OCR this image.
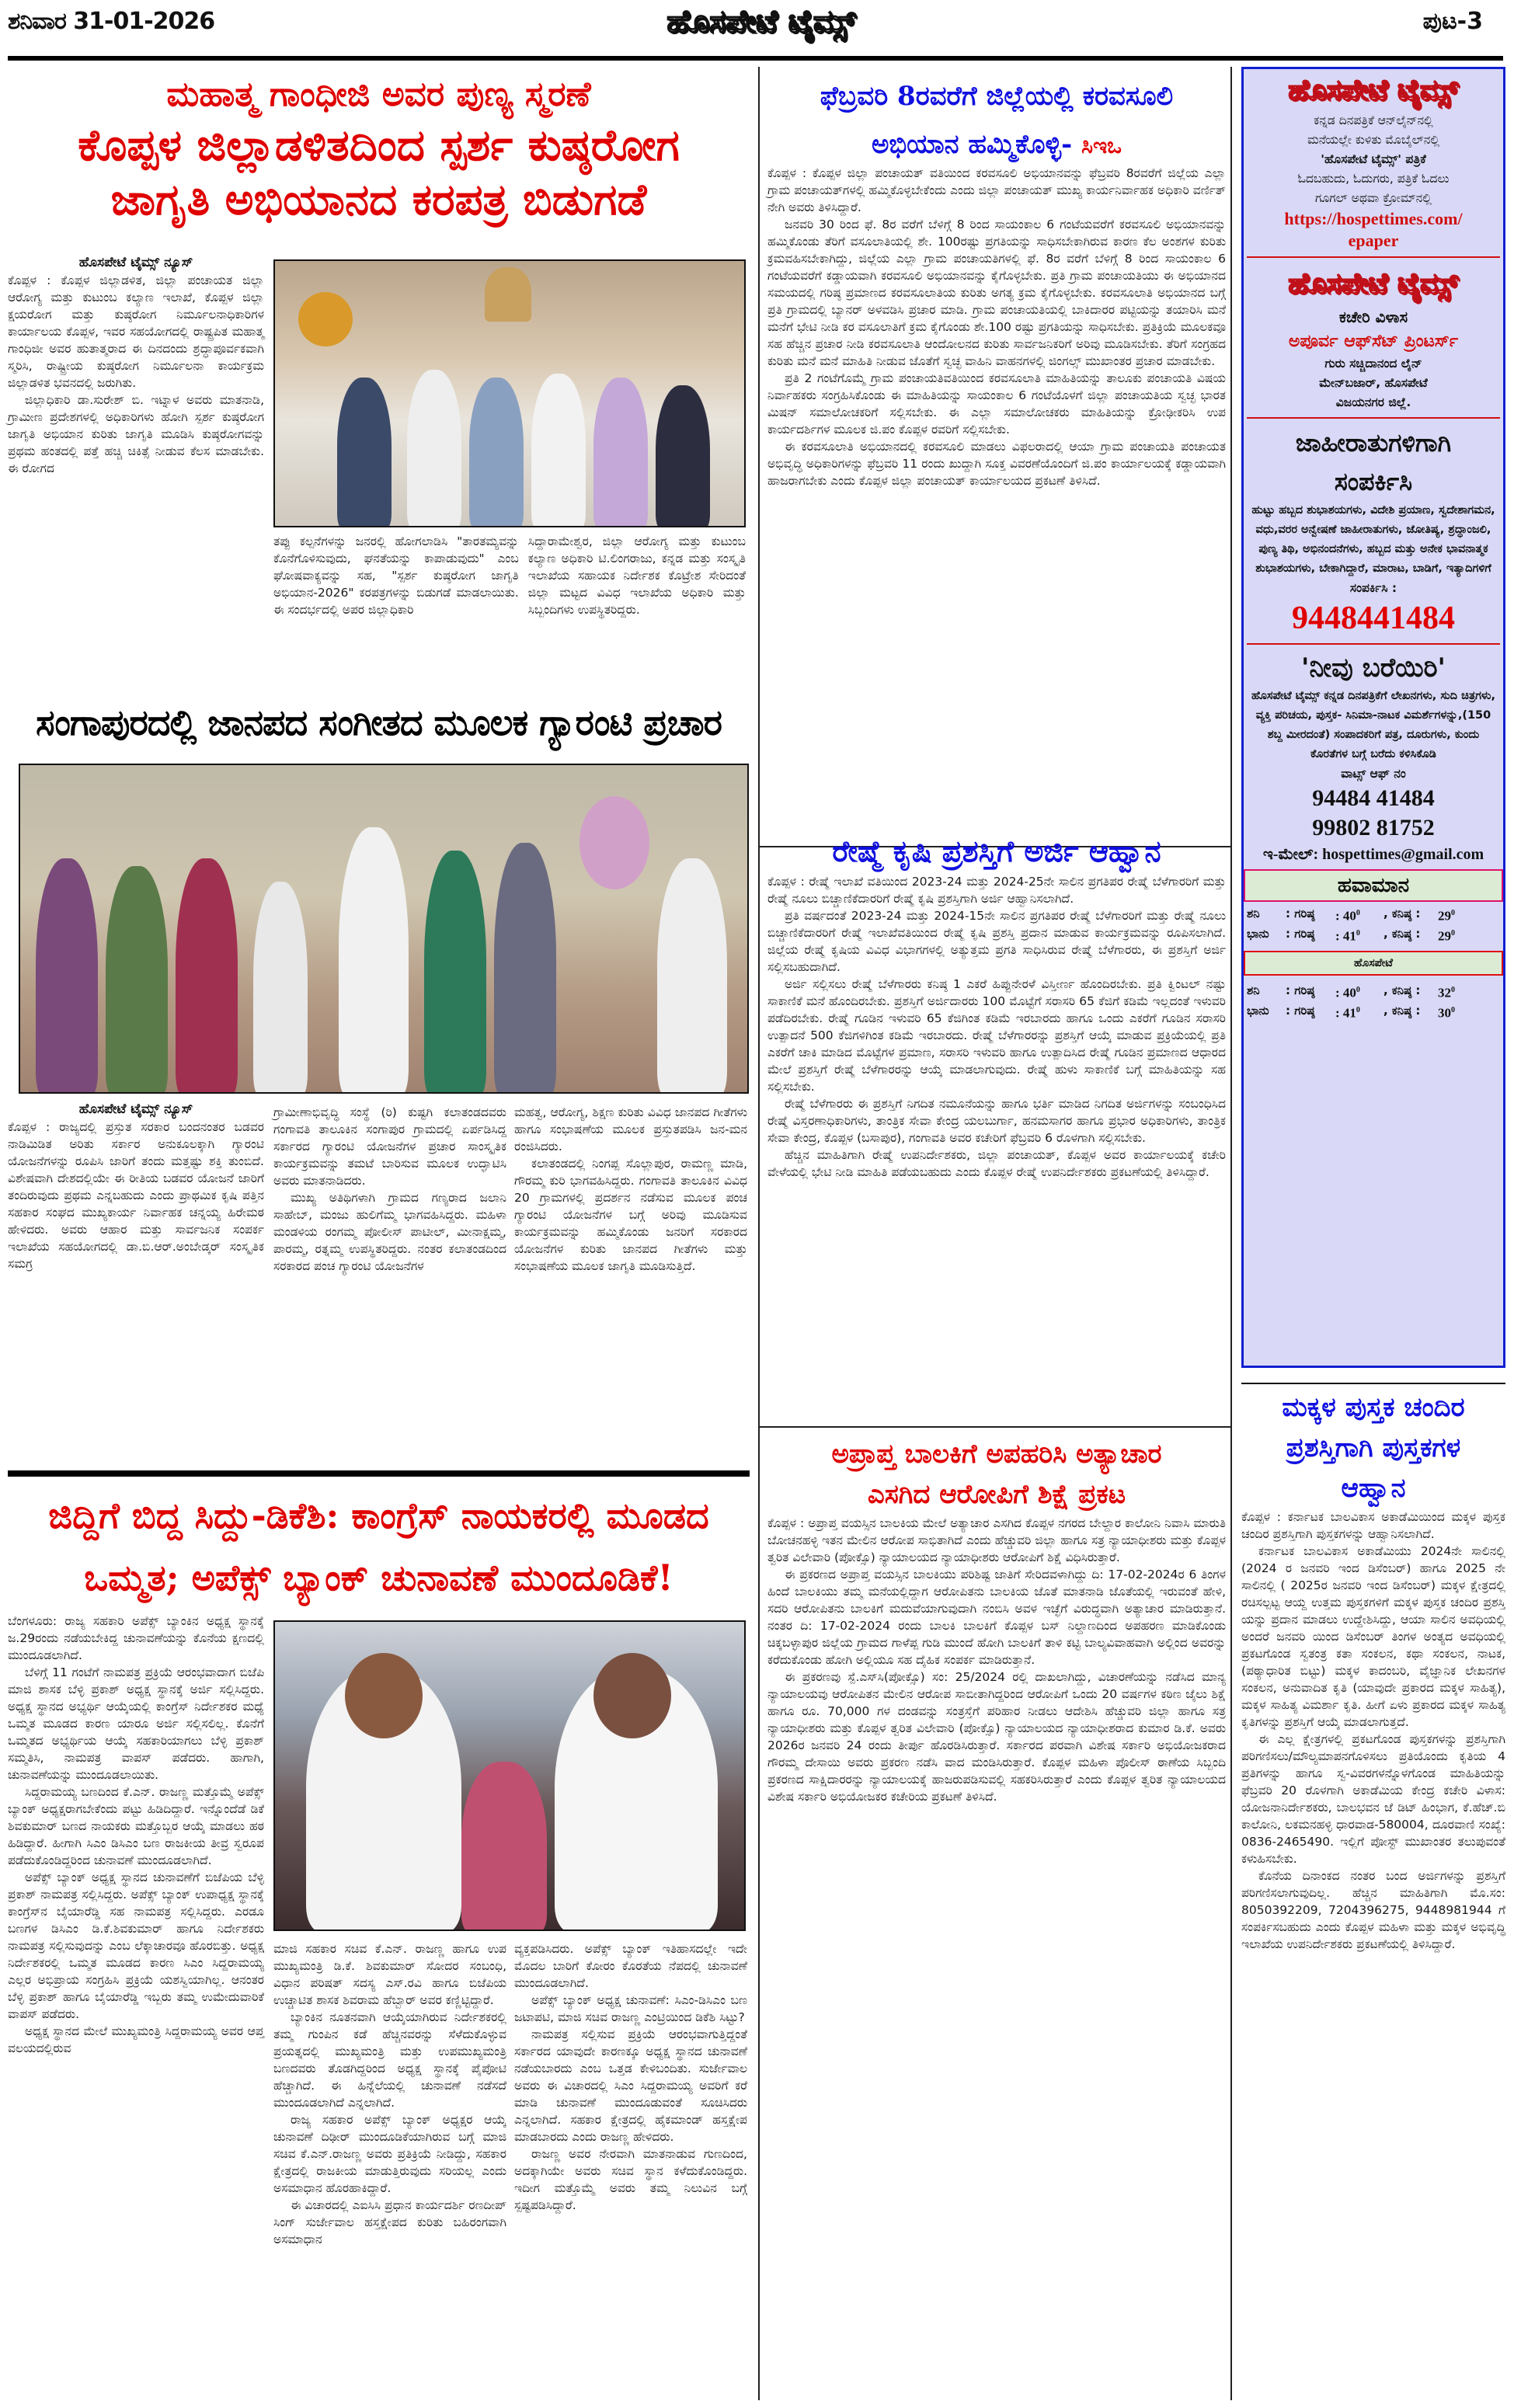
ಶನಿವಾರ 31-01-2026	ಹೊಸಪೇಟೆ ಟೈಮ್ಸ್	ಪುಟ-3
ಮಹಾತ್ಮ ಗಾಂಧೀಜಿ ಅವರ ಪುಣ್ಯ ಸ್ಮರಣೆ
ಕೊಪ್ಪಳ ಜಿಲ್ಲಾಡಳಿತದಿಂದ ಸ್ಪರ್ಶ ಕುಷ್ಠರೋಗ
ಜಾಗೃತಿ ಅಭಿಯಾನದ ಕರಪತ್ರ ಬಿಡುಗಡೆ
ಹೊಸಪೇಟೆ ಟೈಮ್ಸ್ ನ್ಯೂಸ್

ಕೊಪ್ಪಳ : ಕೊಪ್ಪಳ ಜಿಲ್ಲಾಡಳಿತ, ಜಿಲ್ಲಾ ಪಂಚಾಯತ ಜಿಲ್ಲಾ ಆರೋಗ್ಯ ಮತ್ತು ಕುಟುಂಬ ಕಲ್ಯಾಣ ಇಲಾಖೆ, ಕೊಪ್ಪಳ ಜಿಲ್ಲಾ ಕ್ಷಯರೋಗ ಮತ್ತು ಕುಷ್ಠರೋಗ ನಿರ್ಮೂಲನಾಧಿಕಾರಿಗಳ ಕಾರ್ಯಾಲಯ ಕೊಪ್ಪಳ, ಇವರ ಸಹಯೋಗದಲ್ಲಿ ರಾಷ್ಟ್ರಪಿತ ಮಹಾತ್ಮ ಗಾಂಧಿಜೀ ಅವರ ಹುತಾತ್ಮರಾದ ಈ ದಿನದಂದು ಶ್ರದ್ಧಾಪೂರ್ವಕವಾಗಿ ಸ್ಮರಿಸಿ, ರಾಷ್ಟ್ರೀಯ ಕುಷ್ಠರೋಗ ನಿರ್ಮೂಲನಾ ಕಾರ್ಯಕ್ರಮ ಜಿಲ್ಲಾಡಳಿತ ಭವನದಲ್ಲಿ ಜರುಗಿತು.

ಜಿಲ್ಲಾಧಿಕಾರಿ ಡಾ.ಸುರೇಶ್ ಬಿ. ಇಟ್ನಾಳ ಅವರು ಮಾತನಾಡಿ, ಗ್ರಾಮೀಣ ಪ್ರದೇಶಗಳಲ್ಲಿ ಅಧಿಕಾರಿಗಳು ಹೋಗಿ ಸ್ಪರ್ಶ ಕುಷ್ಠರೋಗ ಜಾಗೃತಿ ಅಭಿಯಾನ ಕುರಿತು ಜಾಗೃತಿ ಮೂಡಿಸಿ ಕುಷ್ಠರೋಗವನ್ನು ಪ್ರಥಮ ಹಂತದಲ್ಲಿ ಪತ್ತೆ ಹಚ್ಚಿ ಚಿಕಿತ್ಸೆ ನೀಡುವ ಕೆಲಸ ಮಾಡಬೇಕು. ಈ ರೋಗದ

ತಪ್ಪು ಕಲ್ಪನೆಗಳನ್ನು ಜನರಲ್ಲಿ ಹೋಗಲಾಡಿಸಿ "ತಾರತಮ್ಯವನ್ನು ಕೊನೆಗೊಳಿಸುವುದು, ಘನತೆಯನ್ನು ಕಾಪಾಡುವುದು" ಎಂಬ ಘೋಷವಾಕ್ಯವನ್ನು ಸಹ, "ಸ್ಪರ್ಶ ಕುಷ್ಠರೋಗ ಜಾಗೃತಿ ಅಭಿಯಾನ-2026" ಕರಪತ್ರಗಳನ್ನು ಬಿಡುಗಡೆ ಮಾಡಲಾಯಿತು. ಈ ಸಂದರ್ಭದಲ್ಲಿ ಅಪರ ಜಿಲ್ಲಾಧಿಕಾರಿ

ಸಿದ್ದಾರಾಮೇಶ್ವರ, ಜಿಲ್ಲಾ ಆರೋಗ್ಯ ಮತ್ತು ಕುಟುಂಬ ಕಲ್ಯಾಣ ಅಧಿಕಾರಿ ಟಿ.ಲಿಂಗರಾಜು, ಕನ್ನಡ ಮತ್ತು ಸಂಸ್ಕೃತಿ ಇಲಾಖೆಯ ಸಹಾಯಕ ನಿರ್ದೇಶಕ ಕೊಟ್ರೇಶ ಸೇರಿದಂತೆ ಜಿಲ್ಲಾ ಮಟ್ಟದ ವಿವಿಧ ಇಲಾಖೆಯ ಅಧಿಕಾರಿ ಮತ್ತು ಸಿಬ್ಬಂದಿಗಳು ಉಪಸ್ಥಿತರಿದ್ದರು.

ಸಂಗಾಪುರದಲ್ಲಿ ಜಾನಪದ ಸಂಗೀತದ ಮೂಲಕ ಗ್ಯಾರಂಟಿ ಪ್ರಚಾರ
ಹೊಸಪೇಟೆ ಟೈಮ್ಸ್ ನ್ಯೂಸ್

ಕೊಪ್ಪಳ : ರಾಜ್ಯದಲ್ಲಿ ಪ್ರಸ್ತುತ ಸರಕಾರ ಬಂದನಂತರ ಬಡವರ ನಾಡಿಮಿಡಿತ ಅರಿತು ಸರ್ಕಾರ ಅನುಕೂಲಕ್ಕಾಗಿ ಗ್ಯಾರಂಟಿ ಯೋಜನೆಗಳನ್ನು ರೂಪಿಸಿ ಜಾರಿಗೆ ತಂದು ಮತ್ತಷ್ಟು ಶಕ್ತಿ ತುಂಬಿದೆ. ವಿಶೇಷವಾಗಿ ದೇಶದಲ್ಲಿಯೇ ಈ ರೀತಿಯ ಬಡವರ ಯೋಜನೆ ಜಾರಿಗೆ ತಂದಿರುವುದು ಪ್ರಥಮ ಎನ್ನಬಹುದು ಎಂದು ಪ್ರಾಥಮಿಕ ಕೃಷಿ ಪತ್ತಿನ ಸಹಕಾರ ಸಂಘದ ಮುಖ್ಯಕಾರ್ಯ ನಿರ್ವಾಹಕ ಚನ್ನಯ್ಯ ಹಿರೇಮಠ ಹೇಳಿದರು. ಅವರು ಆಹಾರ ಮತ್ತು ಸಾರ್ವಜನಿಕ ಸಂಪರ್ಕ ಇಲಾಖೆಯ ಸಹಯೋಗದಲ್ಲಿ ಡಾ.ಬಿ.ಆರ್.ಅಂಬೇಡ್ಕರ್ ಸಂಸ್ಕೃತಿಕ ಸಮಗ್ರ

ಗ್ರಾಮೀಣಾಭಿವೃದ್ಧಿ ಸಂಸ್ಥೆ (ರಿ) ಕುಷ್ಟಗಿ ಕಲಾತಂಡದವರು ಗಂಗಾವತಿ ತಾಲೂಕಿನ ಸಂಗಾಪುರ ಗ್ರಾಮದಲ್ಲಿ ಏರ್ಪಡಿಸಿದ್ದ ಸರ್ಕಾರದ ಗ್ಯಾರಂಟಿ ಯೋಜನೆಗಳ ಪ್ರಚಾರ ಸಾಂಸ್ಕೃತಿಕ ಕಾರ್ಯಕ್ರಮವನ್ನು ತಮಟೆ ಬಾರಿಸುವ ಮೂಲಕ ಉದ್ಘಾಟಿಸಿ ಅವರು ಮಾತನಾಡಿದರು.

ಮುಖ್ಯ ಅತಿಥಿಗಳಾಗಿ ಗ್ರಾಮದ ಗಣ್ಯರಾದ ಜಲಾನಿ ಸಾಹೇಬ್, ಮಂಜು ಹುಲಿಗೆಮ್ಮ ಭಾಗವಹಿಸಿದ್ದರು. ಮಹಿಳಾ ಮಂಡಳಿಯ ರಂಗಮ್ಮ ಪೋಲೀಸ್ ಪಾಟೀಲ್, ಮೀನಾಕ್ಷಮ್ಮ, ಪಾರಮ್ಮ, ರತ್ನಮ್ಮ ಉಪಸ್ಥಿತರಿದ್ದರು. ನಂತರ ಕಲಾತಂಡದಿಂದ ಸರಕಾರದ ಪಂಚ ಗ್ಯಾರಂಟಿ ಯೋಜನೆಗಳ

ಮಹತ್ವ, ಆರೋಗ್ಯ, ಶಿಕ್ಷಣ ಕುರಿತು ವಿವಿಧ ಜಾನಪದ ಗೀತೆಗಳು ಹಾಗೂ ಸಂಭಾಷಣೆಯ ಮೂಲಕ ಪ್ರಸ್ತುತಪಡಿಸಿ ಜನ-ಮನ ರಂಜಿಸಿದರು.

ಕಲಾತಂಡದಲ್ಲಿ ನಿಂಗಪ್ಪ ಸೊಲ್ಲಾಪುರ, ರಾಮಣ್ಣ ಮಾಡಿ, ಗೌರಮ್ಮ ಕುರಿ ಭಾಗವಹಿಸಿದ್ದರು. ಗಂಗಾವತಿ ತಾಲೂಕಿನ ವಿವಿಧ 20 ಗ್ರಾಮಗಳಲ್ಲಿ ಪ್ರದರ್ಶನ ನಡೆಸುವ ಮೂಲಕ ಪಂಚ ಗ್ಯಾರಂಟಿ ಯೋಜನೆಗಳ ಬಗ್ಗೆ ಅರಿವು ಮೂಡಿಸುವ ಕಾರ್ಯಕ್ರಮವನ್ನು ಹಮ್ಮಿಕೊಂಡು ಜನರಿಗೆ ಸರಕಾರದ ಯೋಜನೆಗಳ ಕುರಿತು ಜಾನಪದ ಗೀತೆಗಳು ಮತ್ತು ಸಂಭಾಷಣೆಯ ಮೂಲಕ ಜಾಗೃತಿ ಮೂಡಿಸುತ್ತಿದೆ.

ಜಿದ್ದಿಗೆ ಬಿದ್ದ ಸಿದ್ದು-ಡಿಕೆಶಿ: ಕಾಂಗ್ರೆಸ್ ನಾಯಕರಲ್ಲಿ ಮೂಡದ
ಒಮ್ಮತ; ಅಪೆಕ್ಸ್ ಬ್ಯಾಂಕ್ ಚುನಾವಣೆ ಮುಂದೂಡಿಕೆ!

ಬೆಂಗಳೂರು: ರಾಜ್ಯ ಸಹಕಾರಿ ಅಪೆಕ್ಸ್ ಬ್ಯಾಂಕಿನ ಅಧ್ಯಕ್ಷ ಸ್ಥಾನಕ್ಕೆ ಜ.29ರಂದು ನಡೆಯಬೇಕಿದ್ದ ಚುನಾವಣೆಯನ್ನು ಕೊನೆಯ ಕ್ಷಣದಲ್ಲಿ ಮುಂದೂಡಲಾಗಿದೆ.

ಬೆಳಿಗ್ಗೆ 11 ಗಂಟೆಗೆ ನಾಮಪತ್ರ ಪ್ರಕ್ರಿಯೆ ಆರಂಭವಾದಾಗ ಬಿಜೆಪಿ ಮಾಜಿ ಶಾಸಕ ಬೆಳ್ಳಿ ಪ್ರಕಾಶ್ ಅಧ್ಯಕ್ಷ ಸ್ಥಾನಕ್ಕೆ ಅರ್ಜಿ ಸಲ್ಲಿಸಿದ್ದರು. ಅಧ್ಯಕ್ಷ ಸ್ಥಾನದ ಅಭ್ಯರ್ಥಿ ಆಯ್ಕೆಯಲ್ಲಿ ಕಾಂಗ್ರೆಸ್ ನಿರ್ದೇಶಕರ ಮಧ್ಯೆ ಒಮ್ಮತ ಮೂಡದ ಕಾರಣ ಯಾರೂ ಅರ್ಜಿ ಸಲ್ಲಿಸಲಿಲ್ಲ. ಕೊನೆಗೆ ಒಮ್ಮತದ ಅಭ್ಯರ್ಥಿಯ ಆಯ್ಕೆ ಸಹಕಾರಿಯಾಗಲು ಬೆಳ್ಳಿ ಪ್ರಕಾಶ್ ಸಮ್ಮತಿಸಿ, ನಾಮಪತ್ರ ವಾಪಸ್ ಪಡೆದರು. ಹಾಗಾಗಿ, ಚುನಾವಣೆಯನ್ನು ಮುಂದೂಡಲಾಯಿತು.

ಸಿದ್ದರಾಮಯ್ಯ ಬಣದಿಂದ ಕೆ.ಎನ್. ರಾಜಣ್ಣ ಮತ್ತೊಮ್ಮೆ ಅಪೆಕ್ಸ್ ಬ್ಯಾಂಕ್ ಅಧ್ಯಕ್ಷರಾಗಬೇಕೆಂದು ಪಟ್ಟು ಹಿಡಿದಿದ್ದಾರೆ. ಇನ್ನೊಂದೆಡೆ ಡಿಕೆ ಶಿವಕುಮಾರ್ ಬಣದ ನಾಯಕರು ಮತ್ತೊಬ್ಬರ ಆಯ್ಕೆ ಮಾಡಲು ಹಠ ಹಿಡಿದ್ದಾರೆ. ಹೀಗಾಗಿ ಸಿಎಂ ಡಿಸಿಎಂ ಬಣ ರಾಜಕೀಯ ತೀವ್ರ ಸ್ವರೂಪ ಪಡೆದುಕೊಂಡಿದ್ದರಿಂದ ಚುನಾವಣೆ ಮುಂದೂಡಲಾಗಿದೆ.

ಅಪೆಕ್ಸ್ ಬ್ಯಾಂಕ್ ಅಧ್ಯಕ್ಷ ಸ್ಥಾನದ ಚುನಾವಣೆಗೆ ಬಿಜೆಪಿಯ ಬೆಳ್ಳಿ ಪ್ರಕಾಶ್ ನಾಮಪತ್ರ ಸಲ್ಲಿಸಿದ್ದರು. ಅಪೆಕ್ಸ್ ಬ್ಯಾಂಕ್ ಉಪಾಧ್ಯಕ್ಷ ಸ್ಥಾನಕ್ಕೆ ಕಾಂಗ್ರೆಸ್‌ನ ಬೈಯಾರೆಡ್ಡಿ ಸಹ ನಾಮಪತ್ರ ಸಲ್ಲಿಸಿದ್ದರು. ಎರಡೂ ಬಣಗಳ ಡಿಸಿಎಂ ಡಿ.ಕೆ.ಶಿವಕುಮಾರ್ ಹಾಗೂ ನಿರ್ದೇಶಕರು ನಾಮಪತ್ರ ಸಲ್ಲಿಸುವುದನ್ನು ಎಂಬ ಲೆಕ್ಕಾಚಾರವೂ ಹೊರಬಿತ್ತು. ಅಧ್ಯಕ್ಷ ನಿರ್ದೇಶಕರಲ್ಲಿ ಒಮ್ಮತ ಮೂಡದ ಕಾರಣ ಸಿಎಂ ಸಿದ್ದರಾಮಯ್ಯ ಎಲ್ಲರ ಅಭಿಪ್ರಾಯ ಸಂಗ್ರಹಿಸಿ ಪ್ರಕ್ರಿಯೆ ಯಶಸ್ವಿಯಾಗಿಲ್ಲ. ಆನಂತರ ಬೆಳ್ಳಿ ಪ್ರಕಾಶ್ ಹಾಗೂ ಬೈಯಾರೆಡ್ಡಿ ಇಬ್ಬರು ತಮ್ಮ ಉಮೇದುವಾರಿಕೆ ವಾಪಸ್ ಪಡೆದರು.

ಅಧ್ಯಕ್ಷ ಸ್ಥಾನದ ಮೇಲೆ ಮುಖ್ಯಮಂತ್ರಿ ಸಿದ್ದರಾಮಯ್ಯ ಅವರ ಆಪ್ತ ವಲಯದಲ್ಲಿರುವ

ಮಾಜಿ ಸಹಕಾರ ಸಚಿವ ಕೆ.ಎನ್. ರಾಜಣ್ಣ ಹಾಗೂ ಉಪ ಮುಖ್ಯಮಂತ್ರಿ ಡಿ.ಕೆ. ಶಿವಕುಮಾರ್ ಸೋದರ ಸಂಬಂಧಿ, ವಿಧಾನ ಪರಿಷತ್ ಸದಸ್ಯ ಎಸ್.ರವಿ ಹಾಗೂ ಬಿಜೆಪಿಯ ಉಚ್ಚಾಟಿತ ಶಾಸಕ ಶಿವರಾಮ ಹೆಬ್ಬಾರ್ ಅವರ ಕಣ್ಣಿಟ್ಟಿದ್ದಾರೆ.

ಬ್ಯಾಂಕಿನ ನೂತನವಾಗಿ ಆಯ್ಕೆಯಾಗಿರುವ ನಿರ್ದೇಶಕರಲ್ಲಿ ತಮ್ಮ ಗುಂಪಿನ ಕಡೆ ಹೆಚ್ಚಿನವರನ್ನು ಸೆಳೆದುಕೊಳ್ಳುವ ಪ್ರಯತ್ನದಲ್ಲಿ ಮುಖ್ಯಮಂತ್ರಿ ಮತ್ತು ಉಪಮುಖ್ಯಮಂತ್ರಿ ಬಣದವರು ತೊಡಗಿದ್ದರಿಂದ ಅಧ್ಯಕ್ಷ ಸ್ಥಾನಕ್ಕೆ ಪೈಪೋಟಿ ಹೆಚ್ಚಾಗಿದೆ. ಈ ಹಿನ್ನೆಲೆಯಲ್ಲಿ ಚುನಾವಣೆ ನಡೆಸದೆ ಮುಂದೂಡಲಾಗಿದೆ ಎನ್ನಲಾಗಿದೆ.

ರಾಜ್ಯ ಸಹಕಾರ ಅಪೆಕ್ಸ್ ಬ್ಯಾಂಕ್ ಅಧ್ಯಕ್ಷರ ಆಯ್ಕೆ ಚುನಾವಣೆ ದಿಢೀರ್ ಮುಂದೂಡಿಕೆಯಾಗಿರುವ ಬಗ್ಗೆ ಮಾಜಿ ಸಚಿವ ಕೆ.ಎನ್.ರಾಜಣ್ಣ ಅವರು ಪ್ರತಿಕ್ರಿಯೆ ನೀಡಿದ್ದು, ಸಹಕಾರ ಕ್ಷೇತ್ರದಲ್ಲಿ ರಾಜಕೀಯ ಮಾಡುತ್ತಿರುವುದು ಸರಿಯಲ್ಲ ಎಂದು ಅಸಮಾಧಾನ ಹೊರಹಾಕಿದ್ದಾರೆ.

ಈ ವಿಚಾರದಲ್ಲಿ ಎಐಸಿಸಿ ಪ್ರಧಾನ ಕಾರ್ಯದರ್ಶಿ ರಣದೀಪ್ ಸಿಂಗ್ ಸುರ್ಜೇವಾಲ ಹಸ್ತಕ್ಷೇಪದ ಕುರಿತು ಬಹಿರಂಗವಾಗಿ ಅಸಮಾಧಾನ

ವ್ಯಕ್ತಪಡಿಸಿದರು. ಅಪೆಕ್ಸ್ ಬ್ಯಾಂಕ್ ಇತಿಹಾಸದಲ್ಲೇ ಇದೇ ಮೊದಲ ಬಾರಿಗೆ ಕೋರಂ ಕೊರತೆಯ ನೆಪದಲ್ಲಿ ಚುನಾವಣೆ ಮುಂದೂಡಲಾಗಿದೆ.

ಅಪೆಕ್ಸ್ ಬ್ಯಾಂಕ್ ಅಧ್ಯಕ್ಷ ಚುನಾವಣೆ: ಸಿಎಂ-ಡಿಸಿಎಂ ಬಣ ಜಟಾಪಟಿ, ಮಾಜಿ ಸಚಿವ ರಾಜಣ್ಣ ಎಂಟ್ರಿಯಿಂದ ಡಿಕೆಶಿ ಸಿಟ್ಟು?

ನಾಮಪತ್ರ ಸಲ್ಲಿಸುವ ಪ್ರಕ್ರಿಯೆ ಆರಂಭವಾಗುತ್ತಿದ್ದಂತೆ ಸರ್ಕಾರದ ಯಾವುದೇ ಕಾರಣಕ್ಕೂ ಅಧ್ಯಕ್ಷ ಸ್ಥಾನದ ಚುನಾವಣೆ ನಡೆಯಬಾರದು ಎಂಬ ಒತ್ತಡ ಕೇಳಿಬಂದಿತು. ಸುರ್ಜೇವಾಲ ಅವರು ಈ ವಿಚಾರದಲ್ಲಿ ಸಿಎಂ ಸಿದ್ದರಾಮಯ್ಯ ಅವರಿಗೆ ಕರೆ ಮಾಡಿ ಚುನಾವಣೆ ಮುಂದೂಡುವಂತೆ ಸೂಚಿಸಿದರು ಎನ್ನಲಾಗಿದೆ. ಸಹಕಾರ ಕ್ಷೇತ್ರದಲ್ಲಿ ಹೈಕಮಾಂಡ್ ಹಸ್ತಕ್ಷೇಪ ಮಾಡಬಾರದು ಎಂದು ರಾಜಣ್ಣ ಹೇಳಿದರು.

ರಾಜಣ್ಣ ಅವರ ನೇರವಾಗಿ ಮಾತನಾಡುವ ಗುಣದಿಂದ, ಅದಕ್ಕಾಗಿಯೇ ಅವರು ಸಚಿವ ಸ್ಥಾನ ಕಳೆದುಕೊಂಡಿದ್ದರು. ಇದೀಗ ಮತ್ತೊಮ್ಮೆ ಅವರು ತಮ್ಮ ನಿಲುವಿನ ಬಗ್ಗೆ ಸ್ಪಷ್ಟಪಡಿಸಿದ್ದಾರೆ.

ಫೆಬ್ರವರಿ 8ರವರೆಗೆ ಜಿಲ್ಲೆಯಲ್ಲಿ ಕರವಸೂಲಿ
ಅಭಿಯಾನ ಹಮ್ಮಿಕೊಳ್ಳಿ- ಸಿಇಒ

ಕೊಪ್ಪಳ : ಕೊಪ್ಪಳ ಜಿಲ್ಲಾ ಪಂಚಾಯತ್ ವತಿಯಿಂದ ಕರವಸೂಲಿ ಅಭಿಯಾನವನ್ನು ಫೆಬ್ರವರಿ 8ರವರೆಗೆ ಜಿಲ್ಲೆಯ ಎಲ್ಲಾ ಗ್ರಾಮ ಪಂಚಾಯತ್‌ಗಳಲ್ಲಿ ಹಮ್ಮಿಕೊಳ್ಳಬೇಕೆಂದು ಎಂದು ಜಿಲ್ಲಾ ಪಂಚಾಯತ್ ಮುಖ್ಯ ಕಾರ್ಯನಿರ್ವಾಹಕ ಅಧಿಕಾರಿ ವರ್ಣಿತ್ ನೇಗಿ ಅವರು ತಿಳಿಸಿದ್ದಾರೆ.

ಜನವರಿ 30 ರಿಂದ ಫೆ. 8ರ ವರೆಗೆ ಬೆಳಿಗ್ಗೆ 8 ರಿಂದ ಸಾಯಂಕಾಲ 6 ಗಂಟೆಯವರೆಗೆ ಕರವಸೂಲಿ ಅಭಿಯಾನವನ್ನು ಹಮ್ಮಿಕೊಂಡು ತೆರಿಗೆ ವಸೂಲಾತಿಯಲ್ಲಿ ಶೇ. 100ರಷ್ಟು ಪ್ರಗತಿಯನ್ನು ಸಾಧಿಸಬೇಕಾಗಿರುವ ಕಾರಣ ಕೆಲ ಅಂಶಗಳ ಕುರಿತು ಕ್ರಮವಹಿಸಬೇಕಾಗಿದ್ದು, ಜಿಲ್ಲೆಯ ಎಲ್ಲಾ ಗ್ರಾಮ ಪಂಚಾಯತಿಗಳಲ್ಲಿ ಫೆ. 8ರ ವರೆಗೆ ಬೆಳಿಗ್ಗೆ 8 ರಿಂದ ಸಾಯಂಕಾಲ 6 ಗಂಟೆಯವರೆಗೆ ಕಡ್ಡಾಯವಾಗಿ ಕರವಸೂಲಿ ಅಭಿಯಾನವನ್ನು ಕೈಗೊಳ್ಳಬೇಕು. ಪ್ರತಿ ಗ್ರಾಮ ಪಂಚಾಯತಿಯು ಈ ಅಭಿಯಾನದ ಸಮಯದಲ್ಲಿ ಗರಿಷ್ಠ ಪ್ರಮಾಣದ ಕರವಸೂಲಾತಿಯ ಕುರಿತು ಅಗತ್ಯ ಕ್ರಮ ಕೈಗೊಳ್ಳಬೇಕು. ಕರವಸೂಲಾತಿ ಅಭಿಯಾನದ ಬಗ್ಗೆ ಪ್ರತಿ ಗ್ರಾಮದಲ್ಲಿ ಬ್ಯಾನರ್ ಅಳವಡಿಸಿ ಪ್ರಚಾರ ಮಾಡಿ. ಗ್ರಾಮ ಪಂಚಾಯತಿಯಲ್ಲಿ ಬಾಕಿದಾರರ ಪಟ್ಟಿಯನ್ನು ತಯಾರಿಸಿ ಮನೆ ಮನೆಗೆ ಭೇಟಿ ನೀಡಿ ಕರ ವಸೂಲಾತಿಗೆ ಕ್ರಮ ಕೈಗೊಂಡು ಶೇ.100 ರಷ್ಟು ಪ್ರಗತಿಯನ್ನು ಸಾಧಿಸಬೇಕು. ಪ್ರತಿಕ್ರಿಯೆ ಮೂಲಕವೂ ಸಹ ಹೆಚ್ಚಿನ ಪ್ರಚಾರ ನೀಡಿ ಕರವಸೂಲಾತಿ ಆಂದೋಲನದ ಕುರಿತು ಸಾರ್ವಜನಿಕರಿಗೆ ಅರಿವು ಮೂಡಿಸಬೇಕು. ತೆರಿಗೆ ಸಂಗ್ರಹದ ಕುರಿತು ಮನೆ ಮನೆ ಮಾಹಿತಿ ನೀಡುವ ಜೊತೆಗೆ ಸ್ವಚ್ಛ ವಾಹಿನಿ ವಾಹನಗಳಲ್ಲಿ ಜಿಂಗಲ್ಸ್ ಮುಖಾಂತರ ಪ್ರಚಾರ ಮಾಡಬೇಕು.

ಪ್ರತಿ 2 ಗಂಟೆಗೊಮ್ಮೆ ಗ್ರಾಮ ಪಂಚಾಯತಿವತಿಯಿಂದ ಕರವಸೂಲಾತಿ ಮಾಹಿತಿಯನ್ನು ತಾಲೂಕು ಪಂಚಾಯತಿ ವಿಷಯ ನಿರ್ವಾಹಕರು ಸಂಗ್ರಹಿಸಿಕೊಂಡು ಈ ಮಾಹಿತಿಯನ್ನು ಸಾಯಂಕಾಲ 6 ಗಂಟೆಯೊಳಗೆ ಜಿಲ್ಲಾ ಪಂಚಾಯತಿಯ ಸ್ವಚ್ಛ ಭಾರತ ಮಿಷನ್ ಸಮಾಲೋಚಕರಿಗೆ ಸಲ್ಲಿಸಬೇಕು. ಈ ಎಲ್ಲಾ ಸಮಾಲೋಚಕರು ಮಾಹಿತಿಯನ್ನು ಕ್ರೋಢೀಕರಿಸಿ ಉಪ ಕಾರ್ಯದರ್ಶಿಗಳ ಮೂಲಕ ಜಿ.ಪಂ ಕೊಪ್ಪಳ ರವರಿಗೆ ಸಲ್ಲಿಸಬೇಕು.

ಈ ಕರವಸೂಲಾತಿ ಅಭಿಯಾನದಲ್ಲಿ ಕರವಸೂಲಿ ಮಾಡಲು ವಿಫಲರಾದಲ್ಲಿ ಆಯಾ ಗ್ರಾಮ ಪಂಚಾಯತಿ ಪಂಚಾಯತ ಅಭಿವೃದ್ಧಿ ಅಧಿಕಾರಿಗಳನ್ನು ಫೆಬ್ರವರಿ 11 ರಂದು ಖುದ್ದಾಗಿ ಸೂಕ್ತ ವಿವರಣೆಯೊಂದಿಗೆ ಜಿ.ಪಂ ಕಾರ್ಯಾಲಯಕ್ಕೆ ಕಡ್ಡಾಯವಾಗಿ ಹಾಜರಾಗಬೇಕು ಎಂದು ಕೊಪ್ಪಳ ಜಿಲ್ಲಾ ಪಂಚಾಯತ್ ಕಾರ್ಯಾಲಯದ ಪ್ರಕಟಣೆ ತಿಳಿಸಿದೆ.

ರೇಷ್ಮೆ ಕೃಷಿ ಪ್ರಶಸ್ತಿಗೆ ಅರ್ಜಿ ಆಹ್ವಾನ

ಕೊಪ್ಪಳ : ರೇಷ್ಮೆ ಇಲಾಖೆ ವತಿಯಿಂದ 2023-24 ಮತ್ತು 2024-25ನೇ ಸಾಲಿನ ಪ್ರಗತಿಪರ ರೇಷ್ಮೆ ಬೆಳೆಗಾರರಿಗೆ ಮತ್ತು ರೇಷ್ಮೆ ನೂಲು ಬಿಚ್ಚಾಣಿಕೆದಾರರಿಗೆ ರೇಷ್ಮೆ ಕೃಷಿ ಪ್ರಶಸ್ತಿಗಾಗಿ ಅರ್ಜಿ ಆಹ್ವಾನಿಸಲಾಗಿದೆ.

ಪ್ರತಿ ವರ್ಷದಂತೆ 2023-24 ಮತ್ತು 2024-15ನೇ ಸಾಲಿನ ಪ್ರಗತಿಪರ ರೇಷ್ಮೆ ಬೆಳೆಗಾರರಿಗೆ ಮತ್ತು ರೇಷ್ಮೆ ನೂಲು ಬಿಚ್ಚಾಣಿಕೆದಾರರಿಗೆ ರೇಷ್ಮೆ ಇಲಾಖೆವತಿಯಿಂದ ರೇಷ್ಮೆ ಕೃಷಿ ಪ್ರಶಸ್ತಿ ಪ್ರದಾನ ಮಾಡುವ ಕಾರ್ಯಕ್ರಮವನ್ನು ರೂಪಿಸಲಾಗಿದೆ. ಜಿಲ್ಲೆಯ ರೇಷ್ಮೆ ಕೃಷಿಯ ವಿವಿಧ ವಿಭಾಗಗಳಲ್ಲಿ ಅತ್ಯುತ್ತಮ ಪ್ರಗತಿ ಸಾಧಿಸಿರುವ ರೇಷ್ಮೆ ಬೆಳೆಗಾರರು, ಈ ಪ್ರಶಸ್ತಿಗೆ ಅರ್ಜಿ ಸಲ್ಲಿಸಬಹುದಾಗಿದೆ.

ಅರ್ಜಿ ಸಲ್ಲಿಸಲು ರೇಷ್ಮೆ ಬೆಳೆಗಾರರು ಕನಿಷ್ಠ 1 ಎಕರೆ ಹಿಪ್ಪುನೇರಳೆ ವಿಸ್ತೀರ್ಣ ಹೊಂದಿರಬೇಕು. ಪ್ರತಿ ಕ್ವಿಂಟಲ್ ನಷ್ಟು ಸಾಕಾಣಿಕೆ ಮನೆ ಹೊಂದಿರಬೇಕು. ಪ್ರಶಸ್ತಿಗೆ ಅರ್ಜಿದಾರರು 100 ಮೊಟ್ಟೆಗೆ ಸರಾಸರಿ 65 ಕೆಜಿಗೆ ಕಡಿಮೆ ಇಲ್ಲದಂತೆ ಇಳುವರಿ ಪಡೆದಿರಬೇಕು. ರೇಷ್ಮೆ ಗೂಡಿನ ಇಳುವರಿ 65 ಕೆಜಿಗಿಂತ ಕಡಿಮೆ ಇರಬಾರದು ಹಾಗೂ ಒಂದು ಎಕರೆಗೆ ಗೂಡಿನ ಸರಾಸರಿ ಉತ್ಪಾದನೆ 500 ಕೆಜಿಗಳಿಗಿಂತ ಕಡಿಮೆ ಇರಬಾರದು. ರೇಷ್ಮೆ ಬೆಳೆಗಾರರನ್ನು ಪ್ರಶಸ್ತಿಗೆ ಆಯ್ಕೆ ಮಾಡುವ ಪ್ರಕ್ರಿಯೆಯಲ್ಲಿ ಪ್ರತಿ ಎಕರೆಗೆ ಚಾಕಿ ಮಾಡಿದ ಮೊಟ್ಟೆಗಳ ಪ್ರಮಾಣ, ಸರಾಸರಿ ಇಳುವರಿ ಹಾಗೂ ಉತ್ಪಾದಿಸಿದ ರೇಷ್ಮೆ ಗೂಡಿನ ಪ್ರಮಾಣದ ಆಧಾರದ ಮೇಲೆ ಪ್ರಶಸ್ತಿಗೆ ರೇಷ್ಮೆ ಬೆಳೆಗಾರರನ್ನು ಆಯ್ಕೆ ಮಾಡಲಾಗುವುದು. ರೇಷ್ಮೆ ಹುಳು ಸಾಕಾಣಿಕೆ ಬಗ್ಗೆ ಮಾಹಿತಿಯನ್ನು ಸಹ ಸಲ್ಲಿಸಬೇಕು.

ರೇಷ್ಮೆ ಬೆಳೆಗಾರರು ಈ ಪ್ರಶಸ್ತಿಗೆ ನಿಗದಿತ ನಮೂನೆಯನ್ನು ಹಾಗೂ ಭರ್ತಿ ಮಾಡಿದ ನಿಗದಿತ ಅರ್ಜಿಗಳನ್ನು ಸಂಬಂಧಿಸಿದ ರೇಷ್ಮೆ ವಿಸ್ತರಣಾಧಿಕಾರಿಗಳು, ತಾಂತ್ರಿಕ ಸೇವಾ ಕೇಂದ್ರ ಯಲಬುರ್ಗಾ, ಹನಮಸಾಗರ ಹಾಗೂ ಪ್ರಭಾರ ಅಧಿಕಾರಿಗಳು, ತಾಂತ್ರಿಕ ಸೇವಾ ಕೇಂದ್ರ, ಕೊಪ್ಪಳ (ಬಸಾಪುರ), ಗಂಗಾವತಿ ಅವರ ಕಚೇರಿಗೆ ಫೆಬ್ರವರಿ 6 ರೊಳಗಾಗಿ ಸಲ್ಲಿಸಬೇಕು.

ಹೆಚ್ಚಿನ ಮಾಹಿತಿಗಾಗಿ ರೇಷ್ಮೆ ಉಪನಿರ್ದೇಶಕರು, ಜಿಲ್ಲಾ ಪಂಚಾಯತ್, ಕೊಪ್ಪಳ ಅವರ ಕಾರ್ಯಾಲಯಕ್ಕೆ ಕಚೇರಿ ವೇಳೆಯಲ್ಲಿ ಭೇಟಿ ನೀಡಿ ಮಾಹಿತಿ ಪಡೆಯಬಹುದು ಎಂದು ಕೊಪ್ಪಳ ರೇಷ್ಮೆ ಉಪನಿರ್ದೇಶಕರು ಪ್ರಕಟಣೆಯಲ್ಲಿ ತಿಳಿಸಿದ್ದಾರೆ.

ಅಪ್ರಾಪ್ತ ಬಾಲಕಿಗೆ ಅಪಹರಿಸಿ ಅತ್ಯಾಚಾರ
ಎಸಗಿದ ಆರೋಪಿಗೆ ಶಿಕ್ಷೆ ಪ್ರಕಟ

ಕೊಪ್ಪಳ : ಅಪ್ರಾಪ್ತ ವಯಸ್ಸಿನ ಬಾಲಕಿಯ ಮೇಲೆ ಅತ್ಯಾಚಾರ ಎಸಗಿದ ಕೊಪ್ಪಳ ನಗರದ ಬೇಲ್ದಾರ ಕಾಲೋನಿ ನಿವಾಸಿ ಮಾರುತಿ ಬೋಚನಹಳ್ಳಿ ಇತನ ಮೇಲಿನ ಆರೋಪ ಸಾಭಿತಾಗಿದೆ ಎಂದು ಹೆಚ್ಚುವರಿ ಜಿಲ್ಲಾ ಹಾಗೂ ಸತ್ರ ನ್ಯಾಯಾಧೀಶರು ಮತ್ತು ಕೊಪ್ಪಳ ತ್ವರಿತ ವಿಲೇವಾರಿ (ಪೋಕ್ಸೊ) ನ್ಯಾಯಾಲಯದ ನ್ಯಾಯಾಧೀಶರು ಆರೋಪಿಗೆ ಶಿಕ್ಷೆ ವಿಧಿಸಿರುತ್ತಾರೆ.

ಈ ಪ್ರಕರಣದ ಅಪ್ರಾಪ್ತ ವಯಸ್ಸಿನ ಬಾಲಕಿಯು ಪರಿಶಿಷ್ಟ ಜಾತಿಗೆ ಸೇರಿದವಳಾಗಿದ್ದು ದಿ: 17-02-2024ರ 6 ತಿಂಗಳ ಹಿಂದೆ ಬಾಲಕಿಯು ತಮ್ಮ ಮನೆಯಲ್ಲಿದ್ದಾಗ ಆರೋಪಿತನು ಬಾಲಕಿಯ ಜೊತೆ ಮಾತನಾಡಿ ಜೊತೆಯಲ್ಲಿ ಇರುವಂತೆ ಹೇಳಿ, ಸದರಿ ಆರೋಪಿತನು ಬಾಲಕಿಗೆ ಮದುವೆಯಾಗುವುದಾಗಿ ನಂಬಿಸಿ ಅವಳ ಇಚ್ಛೆಗೆ ವಿರುದ್ಧವಾಗಿ ಅತ್ಯಾಚಾರ ಮಾಡಿರುತ್ತಾನೆ. ನಂತರ ದಿ: 17-02-2024 ರಂದು ಬಾಲಕಿ ಬಾಲಕಿಗೆ ಕೊಪ್ಪಳ ಬಸ್ ನಿಲ್ದಾಣದಿಂದ ಅಪಹರಣ ಮಾಡಿಕೊಂಡು ಚಿಕ್ಕಬಳ್ಳಾಪುರ ಜಿಲ್ಲೆಯ ಗ್ರಾಮದ ಗಾಳೆಪ್ಪ ಗುಡಿ ಮುಂದೆ ಹೋಗಿ ಬಾಲಕಿಗೆ ತಾಳಿ ಕಟ್ಟಿ ಬಾಲ್ಯವಿವಾಹವಾಗಿ ಅಲ್ಲಿಂದ ಅವರನ್ನು ಕರೆದುಕೊಂಡು ಹೋಗಿ ಅಲ್ಲಿಯೂ ಸಹ ದೈಹಿಕ ಸಂಪರ್ಕ ಮಾಡಿರುತ್ತಾನೆ.

ಈ ಪ್ರಕರಣವು ಸ್ಪೆ.ಎಸ್‌ಸಿ(ಪೋಕ್ಸೊ) ಸಂ: 25/2024 ರಲ್ಲಿ ದಾಖಲಾಗಿದ್ದು, ವಿಚಾರಣೆಯನ್ನು ನಡೆಸಿದ ಮಾನ್ಯ ನ್ಯಾಯಾಲಯವು ಆರೋಪಿತನ ಮೇಲಿನ ಆರೋಪ ಸಾಬೀತಾಗಿದ್ದರಿಂದ ಆರೋಪಿಗೆ ಒಂದು 20 ವರ್ಷಗಳ ಕಠಿಣ ಜೈಲು ಶಿಕ್ಷೆ ಹಾಗೂ ರೂ. 70,000 ಗಳ ದಂಡವನ್ನು ಸಂತ್ರಸ್ತೆಗೆ ಪರಿಹಾರ ನೀಡಲು ಆದೇಶಿಸಿ ಹೆಚ್ಚುವರಿ ಜಿಲ್ಲಾ ಹಾಗೂ ಸತ್ರ ನ್ಯಾಯಾಧೀಶರು ಮತ್ತು ಕೊಪ್ಪಳ ತ್ವರಿತ ವಿಲೇವಾರಿ (ಪೋಕ್ಸೊ) ನ್ಯಾಯಾಲಯದ ನ್ಯಾಯಾಧೀಶರಾದ ಕುಮಾರ ಡಿ.ಕೆ. ಅವರು 2026ರ ಜನವರಿ 24 ರಂದು ತೀರ್ಪು ಹೊರಡಿಸಿರುತ್ತಾರೆ. ಸರ್ಕಾರದ ಪರವಾಗಿ ವಿಶೇಷ ಸರ್ಕಾರಿ ಅಭಿಯೋಜಕರಾದ ಗೌರಮ್ಮ ದೇಸಾಯಿ ಅವರು ಪ್ರಕರಣ ನಡೆಸಿ ವಾದ ಮಂಡಿಸಿರುತ್ತಾರೆ. ಕೊಪ್ಪಳ ಮಹಿಳಾ ಪೊಲೀಸ್ ಠಾಣೆಯ ಸಿಬ್ಬಂದಿ ಪ್ರಕರಣದ ಸಾಕ್ಷಿದಾರರನ್ನು ನ್ಯಾಯಾಲಯಕ್ಕೆ ಹಾಜರುಪಡಿಸುವಲ್ಲಿ ಸಹಕರಿಸಿರುತ್ತಾರೆ ಎಂದು ಕೊಪ್ಪಳ ತ್ವರಿತ ನ್ಯಾಯಾಲಯದ ವಿಶೇಷ ಸರ್ಕಾರಿ ಅಭಿಯೋಜಕರ ಕಚೇರಿಯ ಪ್ರಕಟಣೆ ತಿಳಿಸಿದೆ.

ಹೊಸಪೇಟೆ ಟೈಮ್ಸ್
ಕನ್ನಡ ದಿನಪತ್ರಿಕೆ ಆನ್‌ಲೈನ್‌ನಲ್ಲಿ
ಮನೆಯಲ್ಲೇ ಕುಳಿತು ಮೊಬೈಲ್‌ನಲ್ಲಿ
'ಹೊಸಪೇಟೆ ಟೈಮ್ಸ್' ಪತ್ರಿಕೆ
ಓದಬಹುದು, ಓದುಗರು, ಪತ್ರಿಕೆ ಓದಲು
ಗೂಗಲ್ ಅಥವಾ ಕ್ರೋಮ್‌ನಲ್ಲಿ
https://hospettimes.com/
epaper
ಹೊಸಪೇಟೆ ಟೈಮ್ಸ್
ಕಚೇರಿ ವಿಳಾಸ
ಅಪೂರ್ವ ಆಫ್‌ಸೆಟ್ ಪ್ರಿಂಟರ್ಸ್
ಗುರು ಸಚ್ಚಿದಾನಂದ ಲೈನ್
ಮೇನ್‌ಬಜಾರ್, ಹೊಸಪೇಟೆ
ವಿಜಯನಗರ ಜಿಲ್ಲೆ.
ಜಾಹೀರಾತುಗಳಿಗಾಗಿ
ಸಂಪರ್ಕಿಸಿ
ಹುಟ್ಟು ಹಬ್ಬದ ಶುಭಾಶಯಗಳು, ವಿದೇಶಿ ಪ್ರಯಾಣ, ಸ್ವದೇಶಾಗಮನ, ವಧು,ವರರ ಅನ್ವೇಷಣೆ ಜಾಹೀರಾತುಗಳು, ಜೋತಿಷ್ಯ, ಶ್ರದ್ಧಾಂಜಲಿ, ಪುಣ್ಯ ತಿಥಿ, ಅಭಿನಂದನೆಗಳು, ಹಬ್ಬದ ಮತ್ತು ಅನೇಕ ಭಾವನಾತ್ಮಕ ಶುಭಾಶಯಗಳು, ಬೇಕಾಗಿದ್ದಾರೆ, ಮಾರಾಟ, ಬಾಡಿಗೆ, ಇತ್ಯಾದಿಗಳಿಗೆ
ಸಂಪರ್ಕಿಸಿ :
9448441484
'ನೀವು ಬರೆಯಿರಿ'
ಹೊಸಪೇಟೆ ಟೈಮ್ಸ್ ಕನ್ನಡ ದಿನಪತ್ರಿಕೆಗೆ ಲೇಖನಗಳು, ಸುದಿ ಚಿತ್ರಗಳು, ವ್ಯಕ್ತಿ ಪರಿಚಯ, ಪುಸ್ತಕ- ಸಿನಿಮಾ-ನಾಟಕ ವಿಮರ್ಶೆಗಳನ್ನು,(150 ಶಬ್ದ ಮೀರದಂತೆ) ಸಂಪಾದಕರಿಗೆ ಪತ್ರ, ದೂರುಗಳು, ಕುಂದು ಕೊರತೆಗಳ ಬಗ್ಗೆ ಬರೆದು ಕಳಿಸಿಕೊಡಿ
ವಾಟ್ಸ್ ಆಫ್ ನಂ
94484 41484
99802 81752
ಇ-ಮೇಲ್: hospettimes@gmail.com
ಹವಾಮಾನ
ಶನಿ	: ಗರಿಷ್ಠ	: $40^0$	, ಕನಿಷ್ಠ :	$29^0$
ಭಾನು	: ಗರಿಷ್ಠ	: $41^0$	, ಕನಿಷ್ಠ :	$29^0$
ಹೊಸಪೇಟೆ
ಶನಿ	: ಗರಿಷ್ಠ	: $40^0$	, ಕನಿಷ್ಠ :	$32^0$
ಭಾನು	: ಗರಿಷ್ಠ	: $41^0$	, ಕನಿಷ್ಠ :	$30^0$
ಮಕ್ಕಳ ಪುಸ್ತಕ ಚಂದಿರ
ಪ್ರಶಸ್ತಿಗಾಗಿ ಪುಸ್ತಕಗಳ
ಆಹ್ವಾನ

ಕೊಪ್ಪಳ : ಕರ್ನಾಟಕ ಬಾಲವಿಕಾಸ ಅಕಾಡೆಮಿಯಿಂದ ಮಕ್ಕಳ ಪುಸ್ತಕ ಚಂದಿರ ಪ್ರಶಸ್ತಿಗಾಗಿ ಪುಸ್ತಕಗಳನ್ನು ಆಹ್ವಾನಿಸಲಾಗಿದೆ.

ಕರ್ನಾಟಕ ಬಾಲವಿಕಾಸ ಅಕಾಡೆಮಿಯು 2024ನೇ ಸಾಲಿನಲ್ಲಿ (2024 ರ ಜನವರಿ ಇಂದ ಡಿಸೆಂಬರ್) ಹಾಗೂ 2025 ನೇ ಸಾಲಿನಲ್ಲಿ ( 2025ರ ಜನವರಿ ಇಂದ ಡಿಸೆಂಬರ್) ಮಕ್ಕಳ ಕ್ಷೇತ್ರದಲ್ಲಿ ರಚಿಸಲ್ಪಟ್ಟ ಆಯ್ದ ಉತ್ತಮ ಪುಸ್ತಕಗಳಿಗೆ ಮಕ್ಕಳ ಪುಸ್ತಕ ಚಂದಿರ ಪ್ರಶಸ್ತಿ ಯನ್ನು ಪ್ರದಾನ ಮಾಡಲು ಉದ್ದೇಶಿಸಿದ್ದು, ಆಯಾ ಸಾಲಿನ ಅವಧಿಯಲ್ಲಿ ಅಂದರೆ ಜನವರಿ ಯಿಂದ ಡಿಸೆಂಬರ್ ತಿಂಗಳ ಅಂತ್ಯದ ಅವಧಿಯಲ್ಲಿ ಪ್ರಕಟಗೊಂಡ ಸ್ವತಂತ್ರ ಕತಾ ಸಂಕಲನ, ಕಥಾ ಸಂಕಲನ, ನಾಟಕ, (ಪಠ್ಯಾಧಾರಿತ ಬಿಟ್ಟು) ಮಕ್ಕಳ ಕಾದಂಬರಿ, ವೈಜ್ಞಾನಿಕ ಲೇಖನಗಳ ಸಂಕಲನ, ಅನುವಾದಿತ ಕೃತಿ (ಯಾವುದೇ ಪ್ರಕಾರದ ಮಕ್ಕಳ ಸಾಹಿತ್ಯ), ಮಕ್ಕಳ ಸಾಹಿತ್ಯ ವಿಮರ್ಶಾ ಕೃತಿ. ಹೀಗೆ ಏಳು ಪ್ರಕಾರದ ಮಕ್ಕಳ ಸಾಹಿತ್ಯ ಕೃತಿಗಳನ್ನು ಪ್ರಶಸ್ತಿಗೆ ಆಯ್ಕೆ ಮಾಡಲಾಗುತ್ತದೆ.

ಈ ಎಲ್ಲ ಕ್ಷೇತ್ರಗಳಲ್ಲಿ ಪ್ರಕಟಗೊಂಡ ಪುಸ್ತಕಗಳನ್ನು ಪ್ರಶಸ್ತಿಗಾಗಿ ಪರಿಗಣಿಸಲು/ಮೌಲ್ಯಮಾಪನಗೊಳಿಸಲು ಪ್ರತಿಯೊಂದು ಕೃತಿಯ 4 ಪ್ರತಿಗಳನ್ನು ಹಾಗೂ ಸ್ವ-ವಿವರಗಳನ್ನೊಳಗೊಂಡ ಮಾಹಿತಿಯನ್ನು ಫೆಬ್ರವರಿ 20 ರೊಳಗಾಗಿ ಅಕಾಡೆಮಿಯ ಕೇಂದ್ರ ಕಚೇರಿ ವಿಳಾಸ: ಯೋಜನಾನಿರ್ದೇಶಕರು, ಬಾಲಭವನ ಜೆ ಡಿಟ್ ಹಿಂಭಾಗ, ಕೆ.ಹೆಚ್.ಬಿ ಕಾಲೋನಿ, ಲಕಮನಹಳ್ಳಿ ಧಾರವಾಡ-580004, ದೂರವಾಣಿ ಸಂಖ್ಯೆ: 0836-2465490. ಇಲ್ಲಿಗೆ ಪೋಸ್ಟ್ ಮುಖಾಂತರ ತಲುಪುವಂತೆ ಕಳುಹಿಸಬೇಕು.

ಕೊನೆಯ ದಿನಾಂಕದ ನಂತರ ಬಂದ ಅರ್ಜಿಗಳನ್ನು ಪ್ರಶಸ್ತಿಗೆ ಪರಿಗಣಿಸಲಾಗುವುದಿಲ್ಲ. ಹೆಚ್ಚಿನ ಮಾಹಿತಿಗಾಗಿ ಮೊ.ಸಂ: 8050392209, 7204396275, 9448981944 ಗೆ ಸಂಪರ್ಕಿಸಬಹುದು ಎಂದು ಕೊಪ್ಪಳ ಮಹಿಳಾ ಮತ್ತು ಮಕ್ಕಳ ಅಭಿವೃದ್ಧಿ ಇಲಾಖೆಯ ಉಪನಿರ್ದೇಶಕರು ಪ್ರಕಟಣೆಯಲ್ಲಿ ತಿಳಿಸಿದ್ದಾರೆ.
